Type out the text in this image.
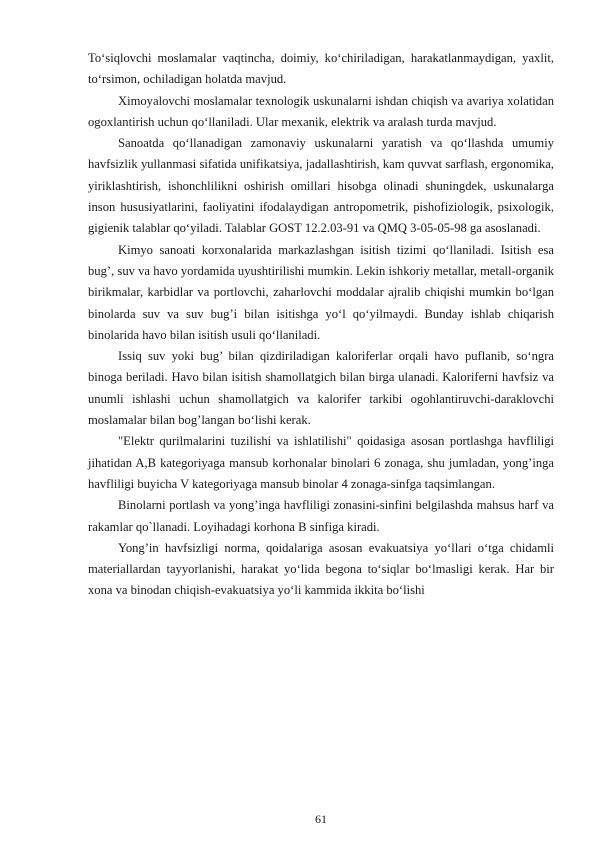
To‘siqlovchi moslamalar vaqtincha, doimiy, ko‘chiriladigan, harakatlanmaydigan, yaxlit, to‘rsimon, ochiladigan holatda mavjud.

Ximoyalovchi moslamalar texnologik uskunalarni ishdan chiqish va avariya xolatidan ogoxlantirish uchun qo‘llaniladi. Ular mexanik, elektrik va aralash turda mavjud.

Sanoatda qo‘llanadigan zamonaviy uskunalarni yaratish va qo‘llashda umumiy havfsizlik yullanmasi sifatida unifikatsiya, jadallashtirish, kam quvvat sarflash, ergonomika, yiriklashtirish, ishonchlilikni oshirish omillari hisobga olinadi shuningdek, uskunalarga inson hususiyatlarini, faoliyatini ifodalaydigan antropometrik, pishofiziologik, psixologik, gigienik talablar qo‘yiladi. Talablar GOST 12.2.03-91 va QMQ 3-05-05-98 ga asoslanadi.

Kimyo sanoati korxonalarida markazlashgan isitish tizimi qo‘llaniladi. Isitish esa bug’, suv va havo yordamida uyushtirilishi mumkin. Lekin ishkoriy metallar, metall-organik birikmalar, karbidlar va portlovchi, zaharlovchi moddalar ajralib chiqishi mumkin bo‘lgan binolarda suv va suv bug’i bilan isitishga yo‘l qo‘yilmaydi. Bunday ishlab chiqarish binolarida havo bilan isitish usuli qo‘llaniladi.

Issiq suv yoki bug’ bilan qizdiriladigan kaloriferlar orqali havo puflanib, so‘ngra binoga beriladi. Havo bilan isitish shamollatgich bilan birga ulanadi. Kaloriferni havfsiz va unumli ishlashi uchun shamollatgich va kalorifer tarkibi ogohlantiruvchi-daraklovchi moslamalar bilan bog’langan bo‘lishi kerak.

"Elektr qurilmalarini tuzilishi va ishlatilishi" qoidasiga asosan portlashga havfliligi jihatidan A,B kategoriyaga mansub korhonalar binolari 6 zonaga, shu jumladan, yong’inga havfliligi buyicha V kategoriyaga mansub binolar 4 zonaga-sinfga taqsimlangan.

Binolarni portlash va yong’inga havfliligi zonasini-sinfini belgilashda mahsus harf va rakamlar qo`llanadi. Loyihadagi korhona B sinfiga kiradi.

Yong’in havfsizligi norma, qoidalariga asosan evakuatsiya yo‘llari o‘tga chidamli materiallardan tayyorlanishi, harakat yo‘lida begona to‘siqlar bo‘lmasligi kerak. Har bir xona va binodan chiqish-evakuatsiya yo‘li kammida ikkita bo‘lishi

61
